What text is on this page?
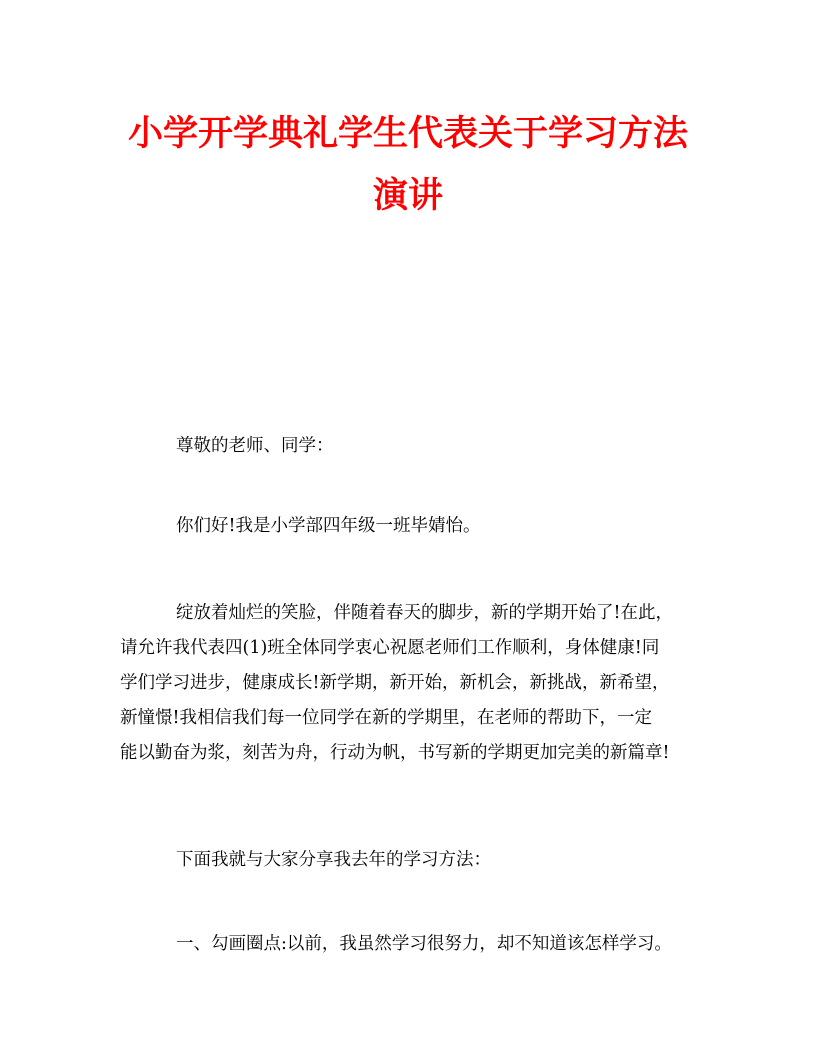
小学开学典礼学生代表关于学习方法
演讲

尊敬的老师、同学：

你们好!我是小学部四年级一班毕婧怡。

绽放着灿烂的笑脸，伴随着春天的脚步，新的学期开始了!在此，
请允许我代表四(1)班全体同学衷心祝愿老师们工作顺利，身体健康!同
学们学习进步，健康成长!新学期，新开始，新机会，新挑战，新希望，
新憧憬!我相信我们每一位同学在新的学期里，在老师的帮助下，一定
能以勤奋为浆，刻苦为舟，行动为帆，书写新的学期更加完美的新篇章!

下面我就与大家分享我去年的学习方法：

一、勾画圈点:以前，我虽然学习很努力，却不知道该怎样学习。
